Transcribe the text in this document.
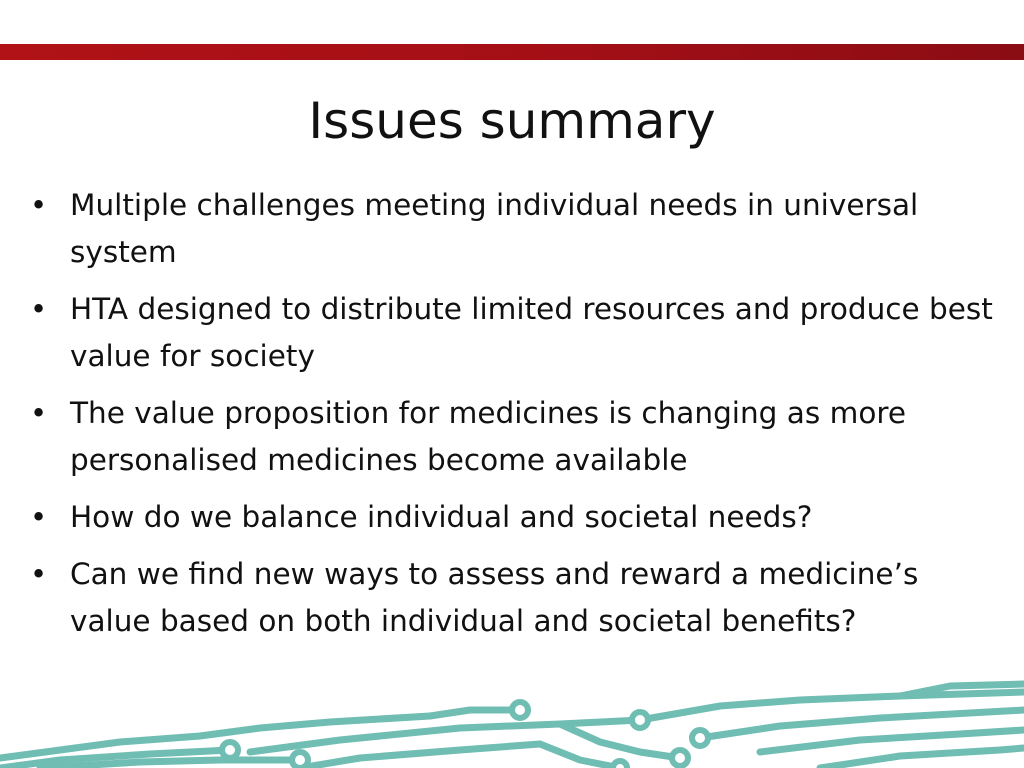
Issues summary
• Multiple challenges meeting individual needs in universal system
• HTA designed to distribute limited resources and produce best value for society
• The value proposition for medicines is changing as more personalised medicines become available
• How do we balance individual and societal needs?
• Can we find new ways to assess and reward a medicine’s value based on both individual and societal benefits?
